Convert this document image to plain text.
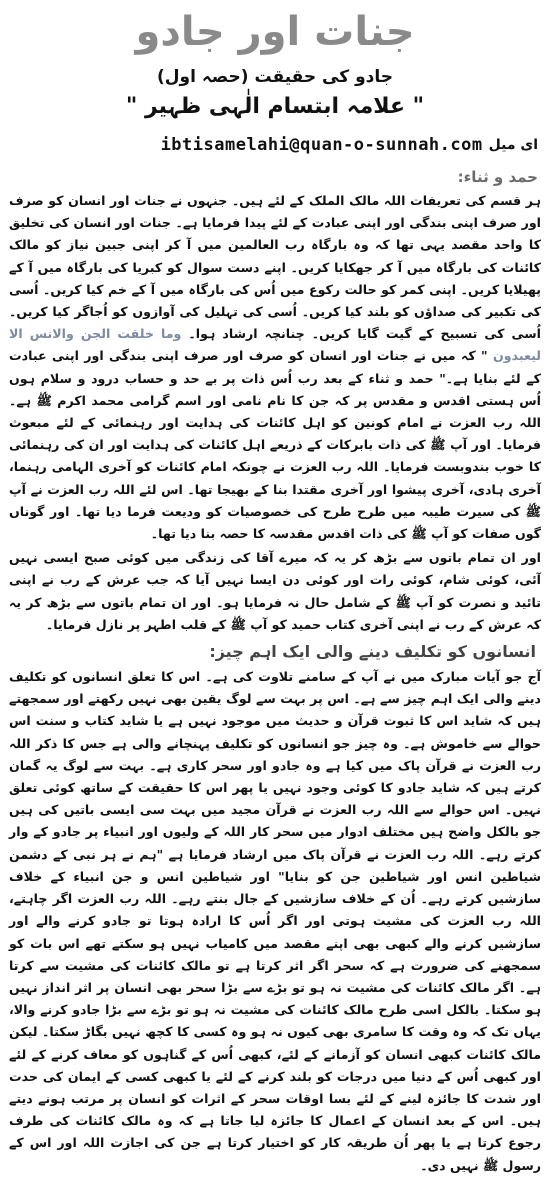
جنات اور جادو
جادو کی حقیقت (حصہ اول)
" علامہ ابتسام الٰہی ظہیر "
ای میل
ibtisamelahi@quan-o-sunnah.com
حمد و ثناء:

ہر قسم کی تعریفات اللہ مالک الملک کے لئے ہیں۔ جنہوں نے جنات اور انسان کو صرف اور صرف اپنی بندگی اور اپنی عبادت کے لئے پیدا فرمایا ہے۔ جنات اور انسان کی تخلیق کا واحد مقصد یہی تھا کہ وہ بارگاہ رب العالمین میں آ کر اپنی جبین نیاز کو مالک کائنات کی بارگاہ میں آ کر جھکایا کریں۔ اپنے دست سوال کو کبریا کی بارگاہ میں آ کے پھیلایا کریں۔ اپنی کمر کو حالت رکوع میں اُس کی بارگاہ میں آ کے خم کیا کریں۔ اُسی کی تکبیر کی صداؤں کو بلند کیا کریں۔ اُسی کی تہلیل کی آوازوں کو اُجاگر کیا کریں۔ اُسی کی تسبیح کے گیت گایا کریں۔ چنانچہ ارشاد ہوا۔ وما خلقت الجن والانس الا لیعبدون " کہ میں نے جنات اور انسان کو صرف اور صرف اپنی بندگی اور اپنی عبادت کے لئے بنایا ہے۔" حمد و ثناء کے بعد رب اُس ذات پر بے حد و حساب درود و سلام ہوں اُس ہستی اقدس و مقدس پر کہ جن کا نام نامی اور اسم گرامی محمد اکرم ﷺ ہے۔ اللہ رب العزت نے امام کونین کو اہل کائنات کی ہدایت اور رہنمائی کے لئے مبعوث فرمایا۔ اور آپ ﷺ کی ذات بابرکات کے ذریعے اہل کائنات کی ہدایت اور ان کی رہنمائی کا خوب بندوبست فرمایا۔ اللہ رب العزت نے چونکہ امام کائنات کو آخری الہامی رہنما، آخری ہادی، آخری پیشوا اور آخری مقتدا بنا کے بھیجا تھا۔ اس لئے اللہ رب العزت نے آپ ﷺ کی سیرت طیبہ میں طرح طرح کی خصوصیات کو ودیعت فرما دیا تھا۔ اور گوناں گوں صفات کو آپ ﷺ کی ذات اقدس مقدسہ کا حصہ بنا دیا تھا۔

اور ان تمام باتوں سے بڑھ کر یہ کہ میرے آقا کی زندگی میں کوئی صبح ایسی نہیں آئی، کوئی شام، کوئی رات اور کوئی دن ایسا نہیں آیا کہ جب عرش کے رب نے اپنی تائید و نصرت کو آپ ﷺ کے شامل حال نہ فرمایا ہو۔ اور ان تمام باتوں سے بڑھ کر یہ کہ عرش کے رب نے اپنی آخری کتاب حمید کو آپ ﷺ کے قلب اطہر پر نازل فرمایا۔

انسانوں کو تکلیف دینے والی ایک اہم چیز:

آج جو آیات مبارک میں نے آپ کے سامنے تلاوت کی ہے۔ اس کا تعلق انسانوں کو تکلیف دینے والی ایک اہم چیز سے ہے۔ اس پر بہت سے لوگ یقین بھی نہیں رکھتے اور سمجھتے ہیں کہ شاید اس کا ثبوت قرآن و حدیث میں موجود نہیں ہے یا شاید کتاب و سنت اس حوالے سے خاموش ہے۔ وہ چیز جو انسانوں کو تکلیف پہنچانے والی ہے جس کا ذکر اللہ رب العزت نے قرآن پاک میں کیا ہے وہ جادو اور سحر کاری ہے۔ بہت سے لوگ یہ گمان کرتے ہیں کہ شاید جادو کا کوئی وجود نہیں یا پھر اس کا حقیقت کے ساتھ کوئی تعلق نہیں۔ اس حوالے سے اللہ رب العزت نے قرآن مجید میں بہت سی ایسی باتیں کی ہیں جو بالکل واضح ہیں مختلف ادوار میں سحر کار اللہ کے ولیوں اور انبیاء پر جادو کے وار کرتے رہے۔ اللہ رب العزت نے قرآن پاک میں ارشاد فرمایا ہے "ہم نے ہر نبی کے دشمن شیاطین انس اور شیاطین جن کو بنایا" اور شیاطین انس و جن انبیاء کے خلاف سازشیں کرتے رہے۔ اُن کے خلاف سازشیں کے جال بنتے رہے۔ اللہ رب العزت اگر چاہتے، اللہ رب العزت کی مشیت ہوتی اور اگر اُس کا ارادہ ہوتا تو جادو کرنے والے اور سازشیں کرنے والے کبھی بھی اپنے مقصد میں کامیاب نہیں ہو سکتے تھے اس بات کو سمجھنے کی ضرورت ہے کہ سحر اگر اثر کرتا ہے تو مالک کائنات کی مشیت سے کرتا ہے۔ اگر مالک کائنات کی مشیت نہ ہو تو بڑے سے بڑا سحر بھی انسان پر اثر انداز نہیں ہو سکتا۔ بالکل اسی طرح مالک کائنات کی مشیت نہ ہو تو بڑے سے بڑا جادو کرنے والا، یہاں تک کہ وہ وقت کا سامری بھی کیوں نہ ہو وہ کسی کا کچھ نہیں بگاڑ سکتا۔ لیکن مالک کائنات کبھی انسان کو آزمانے کے لئے، کبھی اُس کے گناہوں کو معاف کرنے کے لئے اور کبھی اُس کے دنیا میں درجات کو بلند کرنے کے لئے یا کبھی کسی کے ایمان کی حدت اور شدت کا جائزہ لینے کے لئے بسا اوقات سحر کے اثرات کو انسان پر مرتب ہونے دیتے ہیں۔ اس کے بعد انسان کے اعمال کا جائزہ لیا جاتا ہے کہ وہ مالک کائنات کی طرف رجوع کرتا ہے یا پھر اُن طریقہ کار کو اختیار کرتا ہے جن کی اجازت اللہ اور اس کے رسول ﷺ نہیں دی۔
